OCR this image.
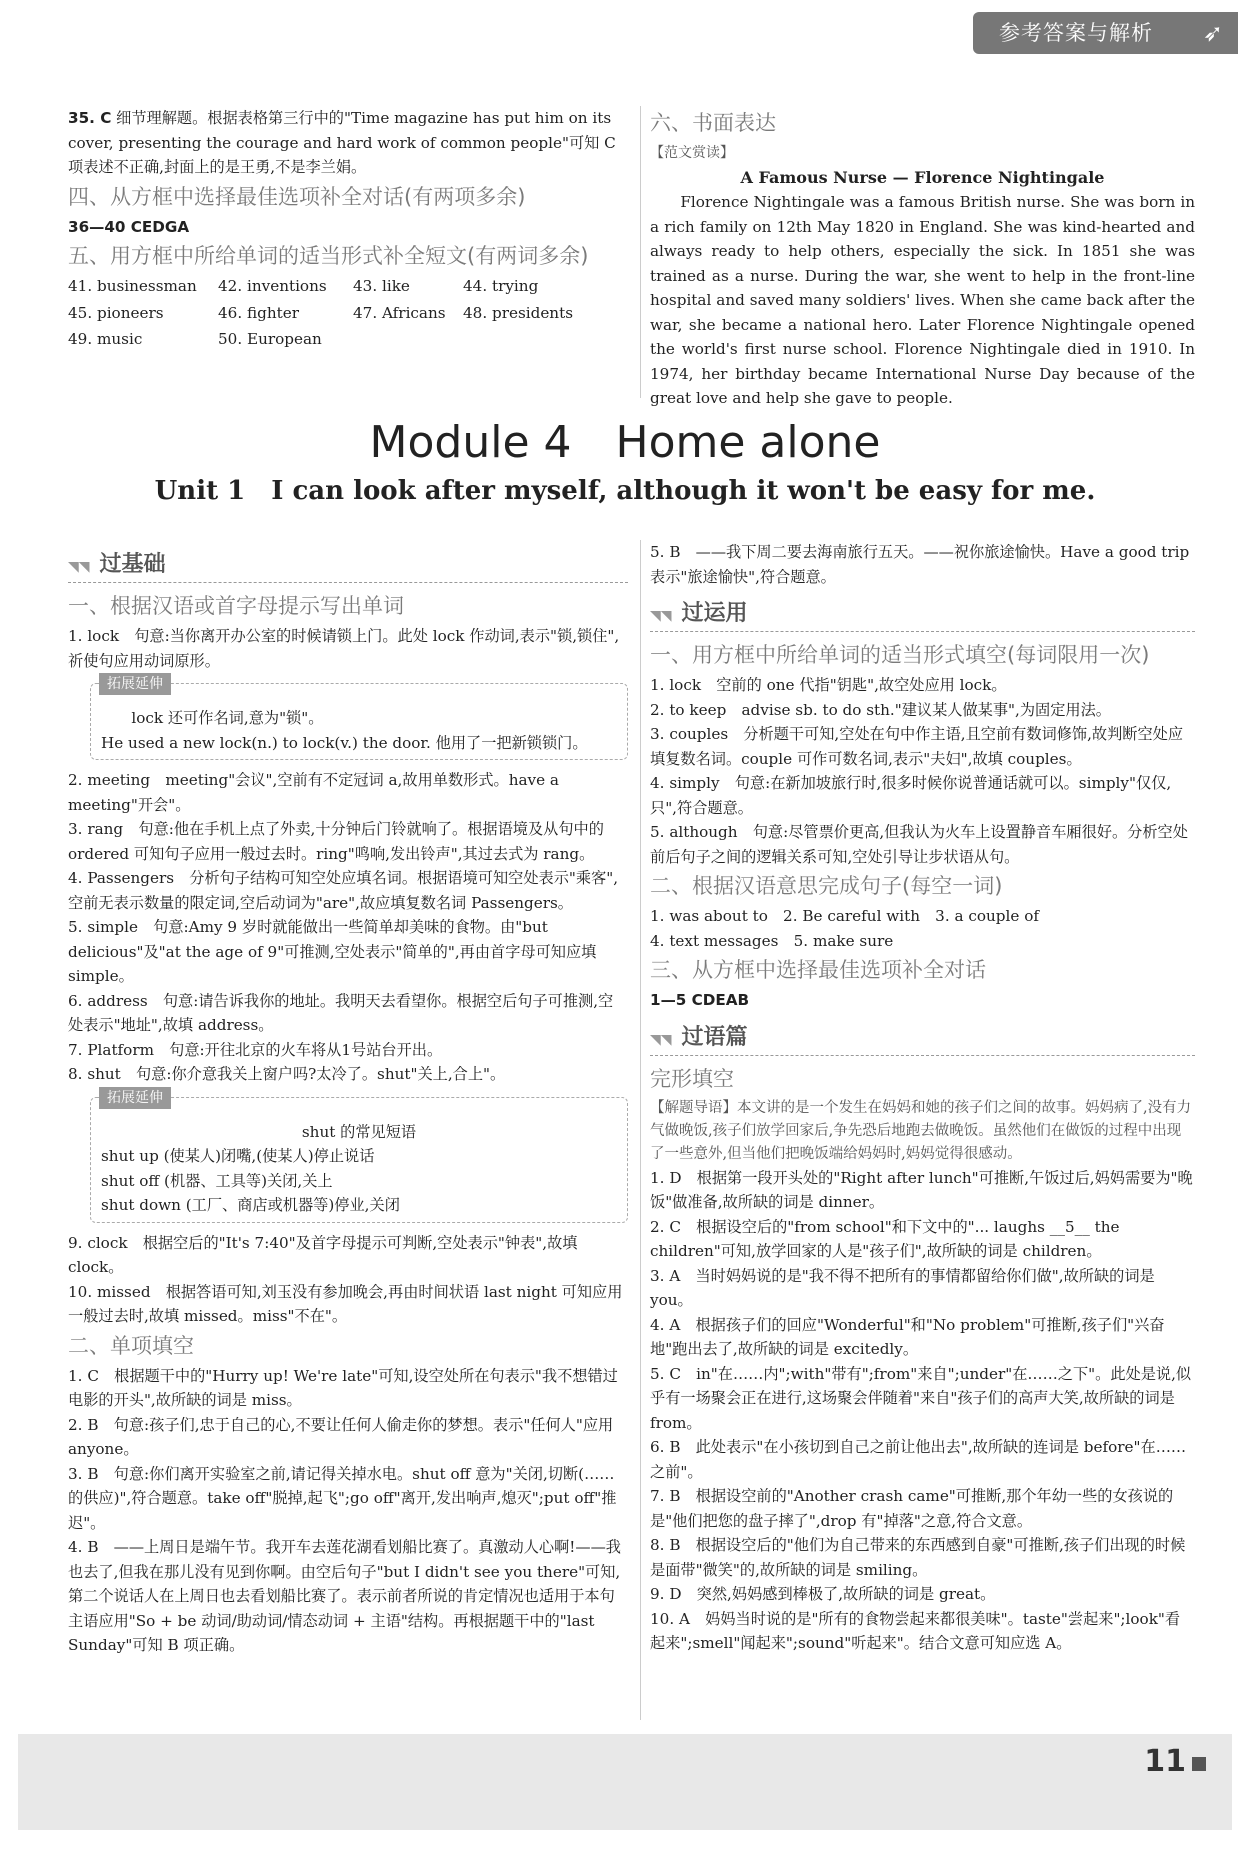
参考答案与解析 ➶

35. C 细节理解题。根据表格第三行中的"Time magazine has put him on its cover, presenting the courage and hard work of common people"可知 C 项表述不正确,封面上的是王勇,不是李兰娟。

四、从方框中选择最佳选项补全对话(有两项多余)

36—40 CEDGA

五、用方框中所给单词的适当形式补全短文(有两词多余)
41. businessman	42. inventions	43. like	44. trying
45. pioneers	46. fighter	47. Africans	48. presidents
49. music	50. European
六、书面表达

【范文赏读】

A Famous Nurse — Florence Nightingale

Florence Nightingale was a famous British nurse. She was born in a rich family on 12th May 1820 in England. She was kind-hearted and always ready to help others, especially the sick. In 1851 she was trained as a nurse. During the war, she went to help in the front-line hospital and saved many soldiers' lives. When she came back after the war, she became a national hero. Later Florence Nightingale opened the world's first nurse school. Florence Nightingale died in 1910. In 1974, her birthday became International Nurse Day because of the great love and help she gave to people.

Module 4　Home alone
Unit 1　I can look after myself, although it won't be easy for me.
◥◥ 过基础
一、根据汉语或首字母提示写出单词

1. lock　句意:当你离开办公室的时候请锁上门。此处 lock 作动词,表示"锁,锁住",祈使句应用动词原形。

拓展延伸

lock 还可作名词,意为"锁"。

He used a new lock(n.) to lock(v.) the door. 他用了一把新锁锁门。

2. meeting　meeting"会议",空前有不定冠词 a,故用单数形式。have a meeting"开会"。

3. rang　句意:他在手机上点了外卖,十分钟后门铃就响了。根据语境及从句中的 ordered 可知句子应用一般过去时。ring"鸣响,发出铃声",其过去式为 rang。

4. Passengers　分析句子结构可知空处应填名词。根据语境可知空处表示"乘客",空前无表示数量的限定词,空后动词为"are",故应填复数名词 Passengers。

5. simple　句意:Amy 9 岁时就能做出一些简单却美味的食物。由"but delicious"及"at the age of 9"可推测,空处表示"简单的",再由首字母可知应填 simple。

6. address　句意:请告诉我你的地址。我明天去看望你。根据空后句子可推测,空处表示"地址",故填 address。

7. Platform　句意:开往北京的火车将从1号站台开出。

8. shut　句意:你介意我关上窗户吗?太冷了。shut"关上,合上"。

拓展延伸

shut 的常见短语

shut up (使某人)闭嘴,(使某人)停止说话

shut off (机器、工具等)关闭,关上

shut down (工厂、商店或机器等)停业,关闭

9. clock　根据空后的"It's 7:40"及首字母提示可判断,空处表示"钟表",故填 clock。

10. missed　根据答语可知,刘玉没有参加晚会,再由时间状语 last night 可知应用一般过去时,故填 missed。miss"不在"。

二、单项填空

1. C　根据题干中的"Hurry up! We're late"可知,设空处所在句表示"我不想错过电影的开头",故所缺的词是 miss。

2. B　句意:孩子们,忠于自己的心,不要让任何人偷走你的梦想。表示"任何人"应用 anyone。

3. B　句意:你们离开实验室之前,请记得关掉水电。shut off 意为"关闭,切断(……的供应)",符合题意。take off"脱掉,起飞";go off"离开,发出响声,熄灭";put off"推迟"。

4. B　——上周日是端午节。我开车去莲花湖看划船比赛了。真激动人心啊!——我也去了,但我在那儿没有见到你啊。由空后句子"but I didn't see you there"可知,第二个说话人在上周日也去看划船比赛了。表示前者所说的肯定情况也适用于本句主语应用"So + be 动词/助动词/情态动词 + 主语"结构。再根据题干中的"last Sunday"可知 B 项正确。

5. B　——我下周二要去海南旅行五天。——祝你旅途愉快。Have a good trip 表示"旅途愉快",符合题意。

◥◥ 过运用
一、用方框中所给单词的适当形式填空(每词限用一次)

1. lock　空前的 one 代指"钥匙",故空处应用 lock。

2. to keep　advise sb. to do sth."建议某人做某事",为固定用法。

3. couples　分析题干可知,空处在句中作主语,且空前有数词修饰,故判断空处应填复数名词。couple 可作可数名词,表示"夫妇",故填 couples。

4. simply　句意:在新加坡旅行时,很多时候你说普通话就可以。simply"仅仅,只",符合题意。

5. although　句意:尽管票价更高,但我认为火车上设置静音车厢很好。分析空处前后句子之间的逻辑关系可知,空处引导让步状语从句。

二、根据汉语意思完成句子(每空一词)

1. was about to　2. Be careful with　3. a couple of

4. text messages　5. make sure

三、从方框中选择最佳选项补全对话

1—5 CDEAB

◥◥ 过语篇
完形填空

【解题导语】本文讲的是一个发生在妈妈和她的孩子们之间的故事。妈妈病了,没有力气做晚饭,孩子们放学回家后,争先恐后地跑去做晚饭。虽然他们在做饭的过程中出现了一些意外,但当他们把晚饭端给妈妈时,妈妈觉得很感动。

1. D　根据第一段开头处的"Right after lunch"可推断,午饭过后,妈妈需要为"晚饭"做准备,故所缺的词是 dinner。

2. C　根据设空后的"from school"和下文中的"... laughs __5__ the children"可知,放学回家的人是"孩子们",故所缺的词是 children。

3. A　当时妈妈说的是"我不得不把所有的事情都留给你们做",故所缺的词是 you。

4. A　根据孩子们的回应"Wonderful"和"No problem"可推断,孩子们"兴奋地"跑出去了,故所缺的词是 excitedly。

5. C　in"在……内";with"带有";from"来自";under"在……之下"。此处是说,似乎有一场聚会正在进行,这场聚会伴随着"来自"孩子们的高声大笑,故所缺的词是 from。

6. B　此处表示"在小孩切到自己之前让他出去",故所缺的连词是 before"在……之前"。

7. B　根据设空前的"Another crash came"可推断,那个年幼一些的女孩说的是"他们把您的盘子摔了",drop 有"掉落"之意,符合文意。

8. B　根据设空后的"他们为自己带来的东西感到自豪"可推断,孩子们出现的时候是面带"微笑"的,故所缺的词是 smiling。

9. D　突然,妈妈感到棒极了,故所缺的词是 great。

10. A　妈妈当时说的是"所有的食物尝起来都很美味"。taste"尝起来";look"看起来";smell"闻起来";sound"听起来"。结合文意可知应选 A。

11
